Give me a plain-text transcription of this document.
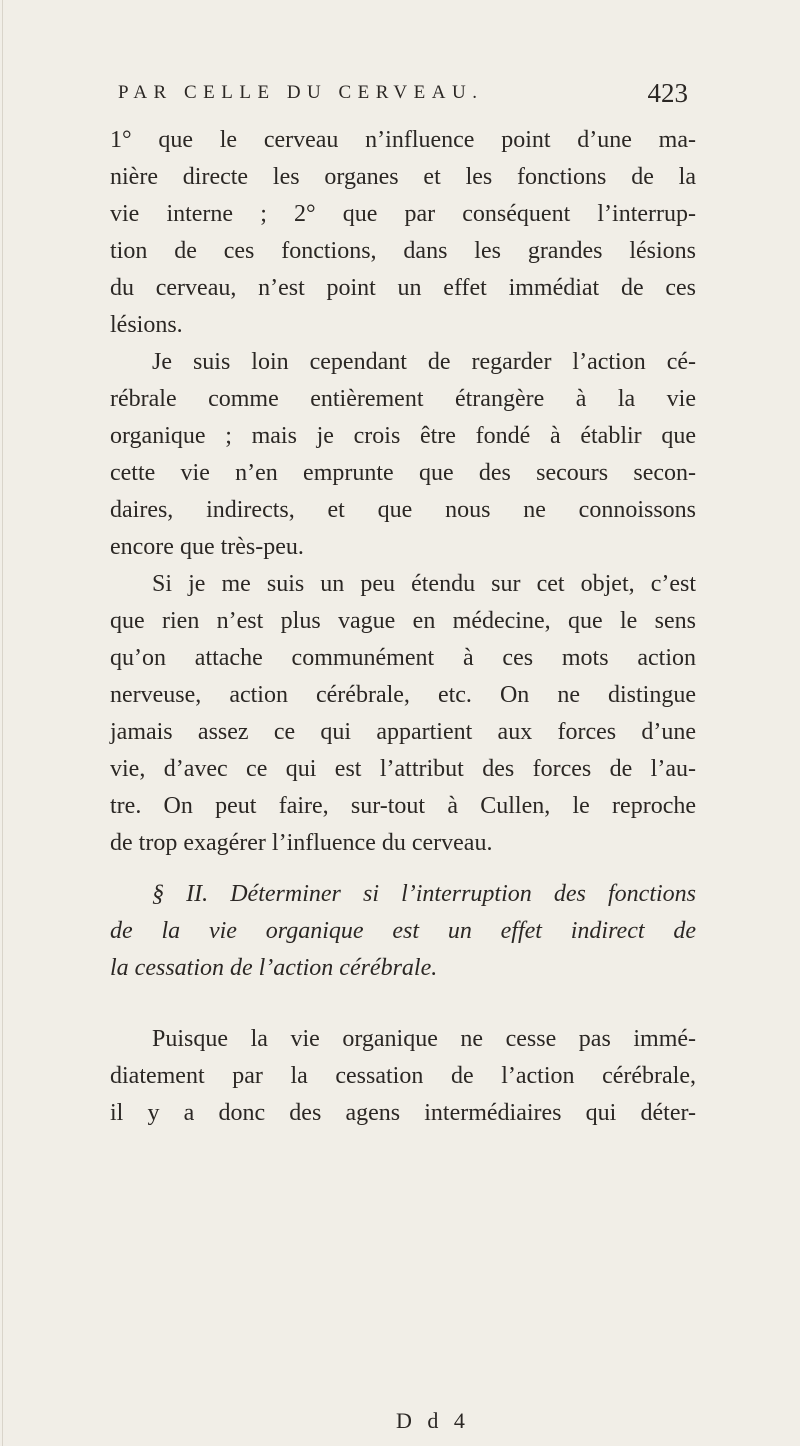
PAR CELLE DU CERVEAU.	423
1° que le cerveau n’influence point d’une ma-
nière directe les organes et les fonctions de la
vie interne ; 2° que par conséquent l’interrup-
tion de ces fonctions, dans les grandes lésions
du cerveau, n’est point un effet immédiat de ces
lésions.
Je suis loin cependant de regarder l’action cé-
rébrale comme entièrement étrangère à la vie
organique ; mais je crois être fondé à établir que
cette vie n’en emprunte que des secours secon-
daires, indirects, et que nous ne connoissons
encore que très-peu.
Si je me suis un peu étendu sur cet objet, c’est
que rien n’est plus vague en médecine, que le sens
qu’on attache communément à ces mots action
nerveuse, action cérébrale, etc. On ne distingue
jamais assez ce qui appartient aux forces d’une
vie, d’avec ce qui est l’attribut des forces de l’au-
tre. On peut faire, sur-tout à Cullen, le reproche
de trop exagérer l’influence du cerveau.
§ II. Déterminer si l’interruption des fonctions
de la vie organique est un effet indirect de
la cessation de l’action cérébrale.
Puisque la vie organique ne cesse pas immé-
diatement par la cessation de l’action cérébrale,
il y a donc des agens intermédiaires qui déter-
D d 4
